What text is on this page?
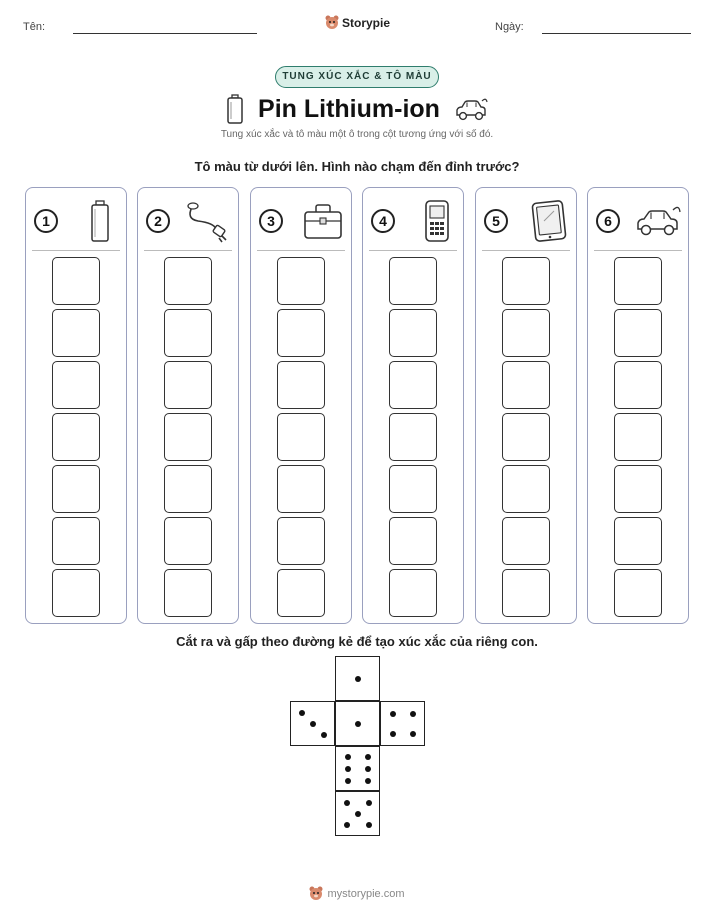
Tên:	Storypie	Ngày:
TUNG XÚC XẮC & TÔ MÀU
Pin Lithium-ion
Tung xúc xắc và tô màu một ô trong cột tương ứng với số đó.
Tô màu từ dưới lên. Hình nào chạm đến đỉnh trước?
1	2	3	4	5	6
Cắt ra và gấp theo đường kẻ để tạo xúc xắc của riêng con.
mystorypie.com
